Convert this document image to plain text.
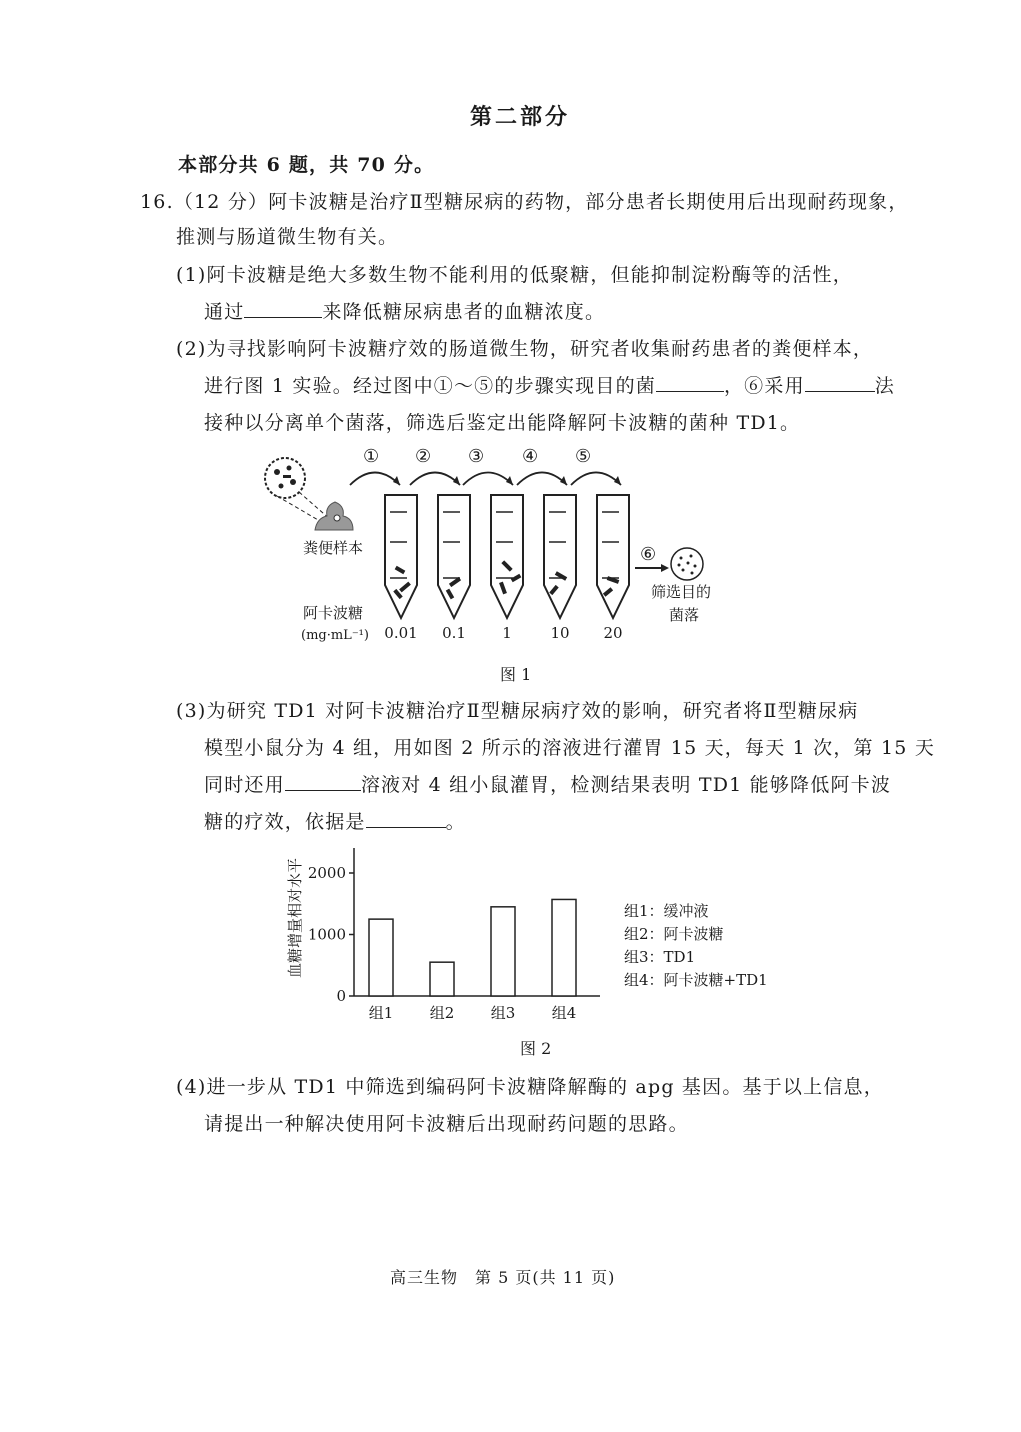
第二部分
本部分共 6 题，共 70 分。
16.（12 分）阿卡波糖是治疗Ⅱ型糖尿病的药物，部分患者长期使用后出现耐药现象，
推测与肠道微生物有关。
(1)阿卡波糖是绝大多数生物不能利用的低聚糖，但能抑制淀粉酶等的活性，
通过	来降低糖尿病患者的血糖浓度。
(2)为寻找影响阿卡波糖疗效的肠道微生物，研究者收集耐药患者的粪便样本，
进行图 1 实验。经过图中①～⑤的步骤实现目的菌	，⑥采用	法
接种以分离单个菌落，筛选后鉴定出能降解阿卡波糖的菌种 TD1。
粪便样本
① ② ③ ④ ⑤
⑥
筛选目的
菌落
阿卡波糖
(mg·mL⁻¹) 0.01 0.1 1	10 20
图 1
(3)为研究 TD1 对阿卡波糖治疗Ⅱ型糖尿病疗效的影响，研究者将Ⅱ型糖尿病
模型小鼠分为 4 组，用如图 2 所示的溶液进行灌胃 15 天，每天 1 次，第 15 天
同时还用	溶液对 4 组小鼠灌胃，检测结果表明 TD1 能够降低阿卡波
糖的疗效，依据是	。
血糖增量相对水平
0
1000
2000
组1 组2 组3 组4
组1：缓冲液
组2：阿卡波糖
组3：TD1
组4：阿卡波糖+TD1
图 2
(4)进一步从 TD1 中筛选到编码阿卡波糖降解酶的 apg 基因。基于以上信息，
请提出一种解决使用阿卡波糖后出现耐药问题的思路。
高三生物　第 5 页(共 11 页)
